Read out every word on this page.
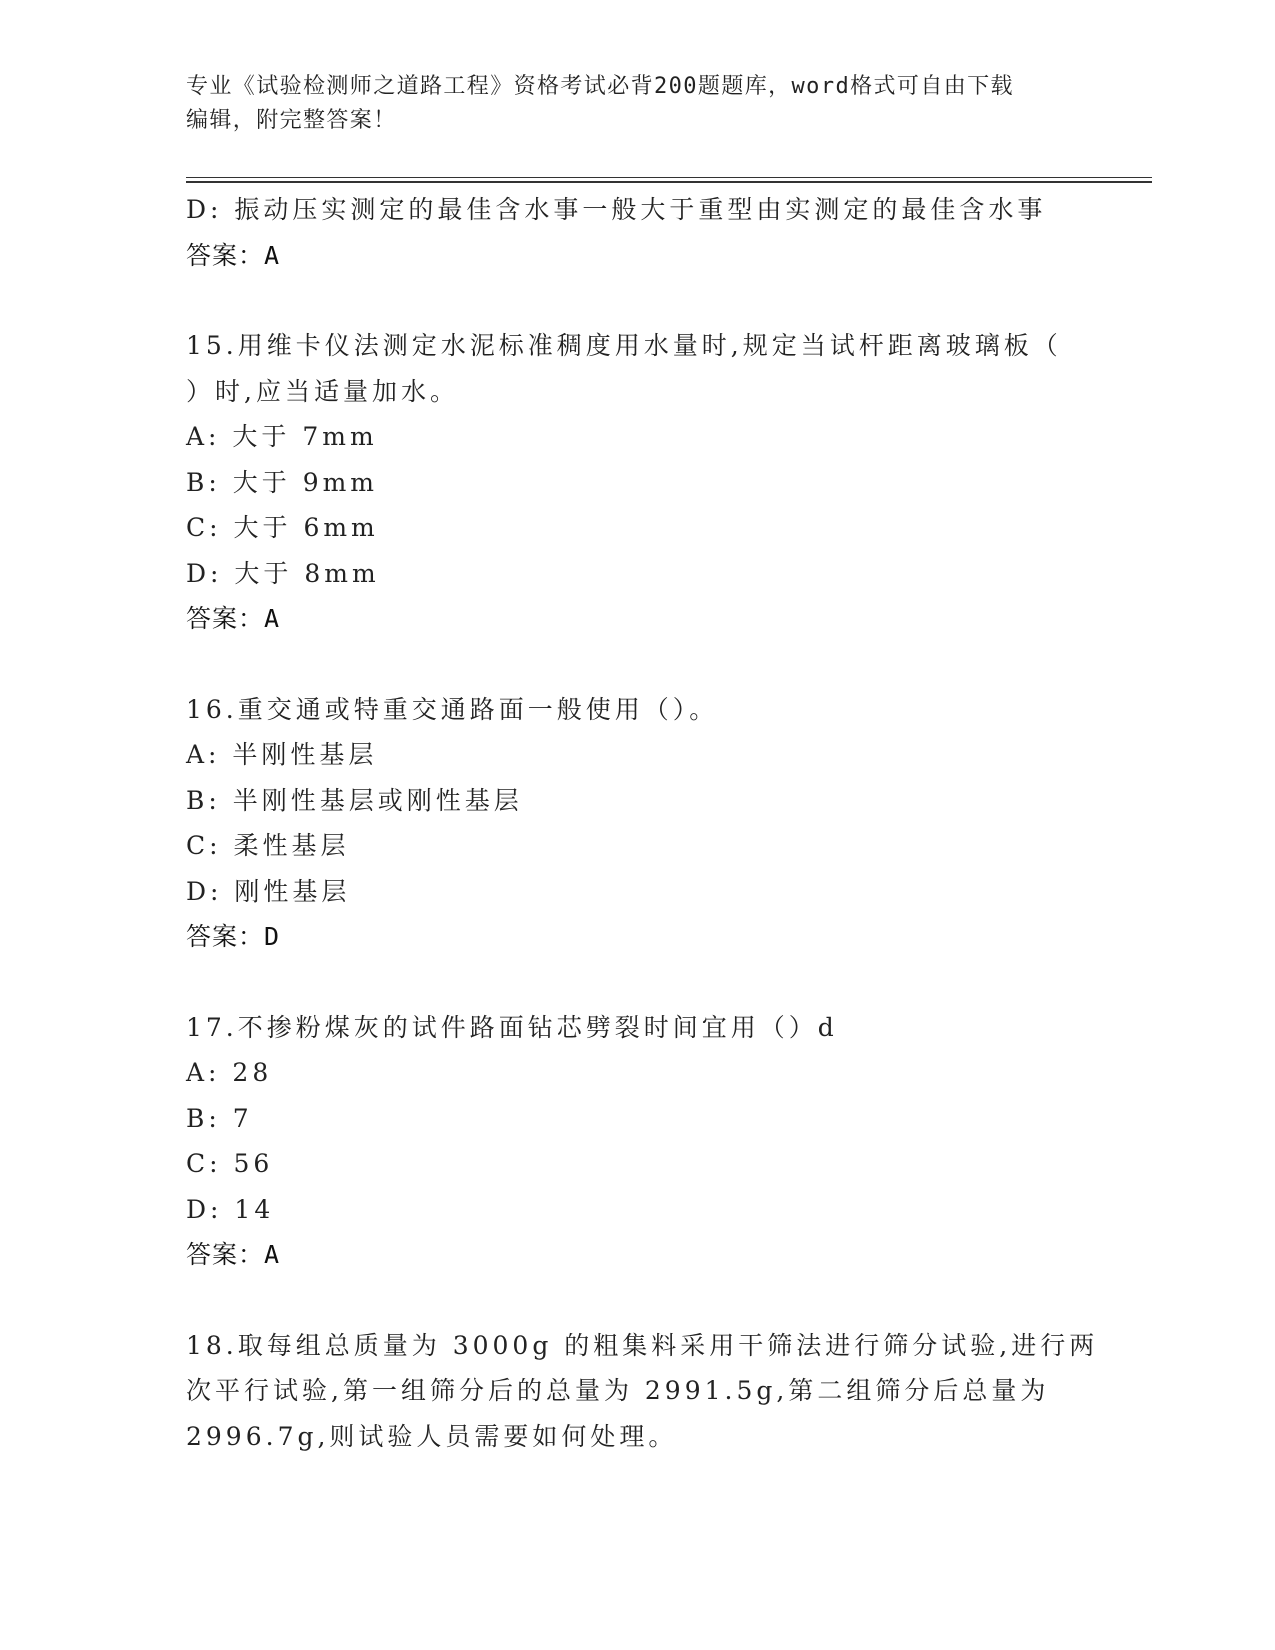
专业《试验检测师之道路工程》资格考试必背200题题库，word格式可自由下载
编辑，附完整答案！
D: 振动压实测定的最佳含水事一般大于重型由实测定的最佳含水事
答案：A
15.用维卡仪法测定水泥标准稠度用水量时,规定当试杆距离玻璃板（
）时,应当适量加水。
A: 大于 7mm
B: 大于 9mm
C: 大于 6mm
D: 大于 8mm
答案：A
16.重交通或特重交通路面一般使用（）。
A: 半刚性基层
B: 半刚性基层或刚性基层
C: 柔性基层
D: 刚性基层
答案：D
17.不掺粉煤灰的试件路面钻芯劈裂时间宜用（）d
A: 28
B: 7
C: 56
D: 14
答案：A
18.取每组总质量为 3000g 的粗集料采用干筛法进行筛分试验,进行两
次平行试验,第一组筛分后的总量为 2991.5g,第二组筛分后总量为
2996.7g,则试验人员需要如何处理。
